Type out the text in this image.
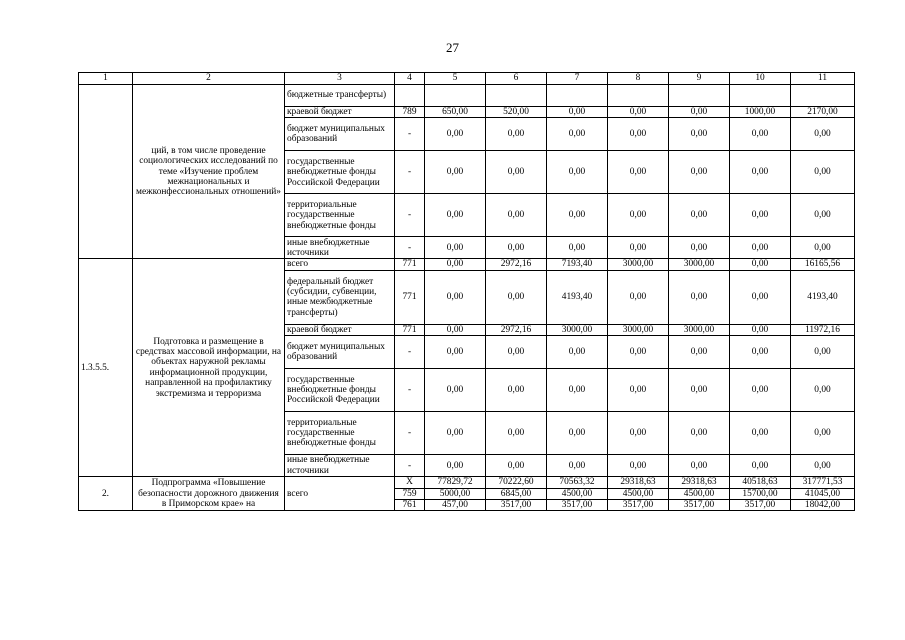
27
1	2	3	4	5	6	7	8	9	10	11
	ций, в том числе проведение социологических исследований по теме «Изучение проблем межнациональных и межконфессиональных отношений»	бюджетные трансферты)								
		краевой бюджет	789	650,00	520,00	0,00	0,00	0,00	1000,00	2170,00
		бюджет муниципальных образований	-	0,00	0,00	0,00	0,00	0,00	0,00	0,00
		государственные внебюджетные фонды Российской Федерации	-	0,00	0,00	0,00	0,00	0,00	0,00	0,00
		территориальные государственные внебюджетные фонды	-	0,00	0,00	0,00	0,00	0,00	0,00	0,00
		иные внебюджетные источники	-	0,00	0,00	0,00	0,00	0,00	0,00	0,00
1.3.5.5.	Подготовка и размещение в средствах массовой информации, на объектах наружной рекламы информационной продукции, направленной на профилактику экстремизма и терроризма	всего	771	0,00	2972,16	7193,40	3000,00	3000,00	0,00	16165,56
		федеральный бюджет (субсидии, субвенции, иные межбюджетные трансферты)	771	0,00	0,00	4193,40	0,00	0,00	0,00	4193,40
		краевой бюджет	771	0,00	2972,16	3000,00	3000,00	3000,00	0,00	11972,16
		бюджет муниципальных образований	-	0,00	0,00	0,00	0,00	0,00	0,00	0,00
		государственные внебюджетные фонды Российской Федерации	-	0,00	0,00	0,00	0,00	0,00	0,00	0,00
		территориальные государственные внебюджетные фонды	-	0,00	0,00	0,00	0,00	0,00	0,00	0,00
		иные внебюджетные источники	-	0,00	0,00	0,00	0,00	0,00	0,00	0,00
2.	Подпрограмма «Повышение безопасности дорожного движения в Приморском крае» на	всего	X	77829,72	70222,60	70563,32	29318,63	29318,63	40518,63	317771,53
			759	5000,00	6845,00	4500,00	4500,00	4500,00	15700,00	41045,00
			761	457,00	3517,00	3517,00	3517,00	3517,00	3517,00	18042,00
